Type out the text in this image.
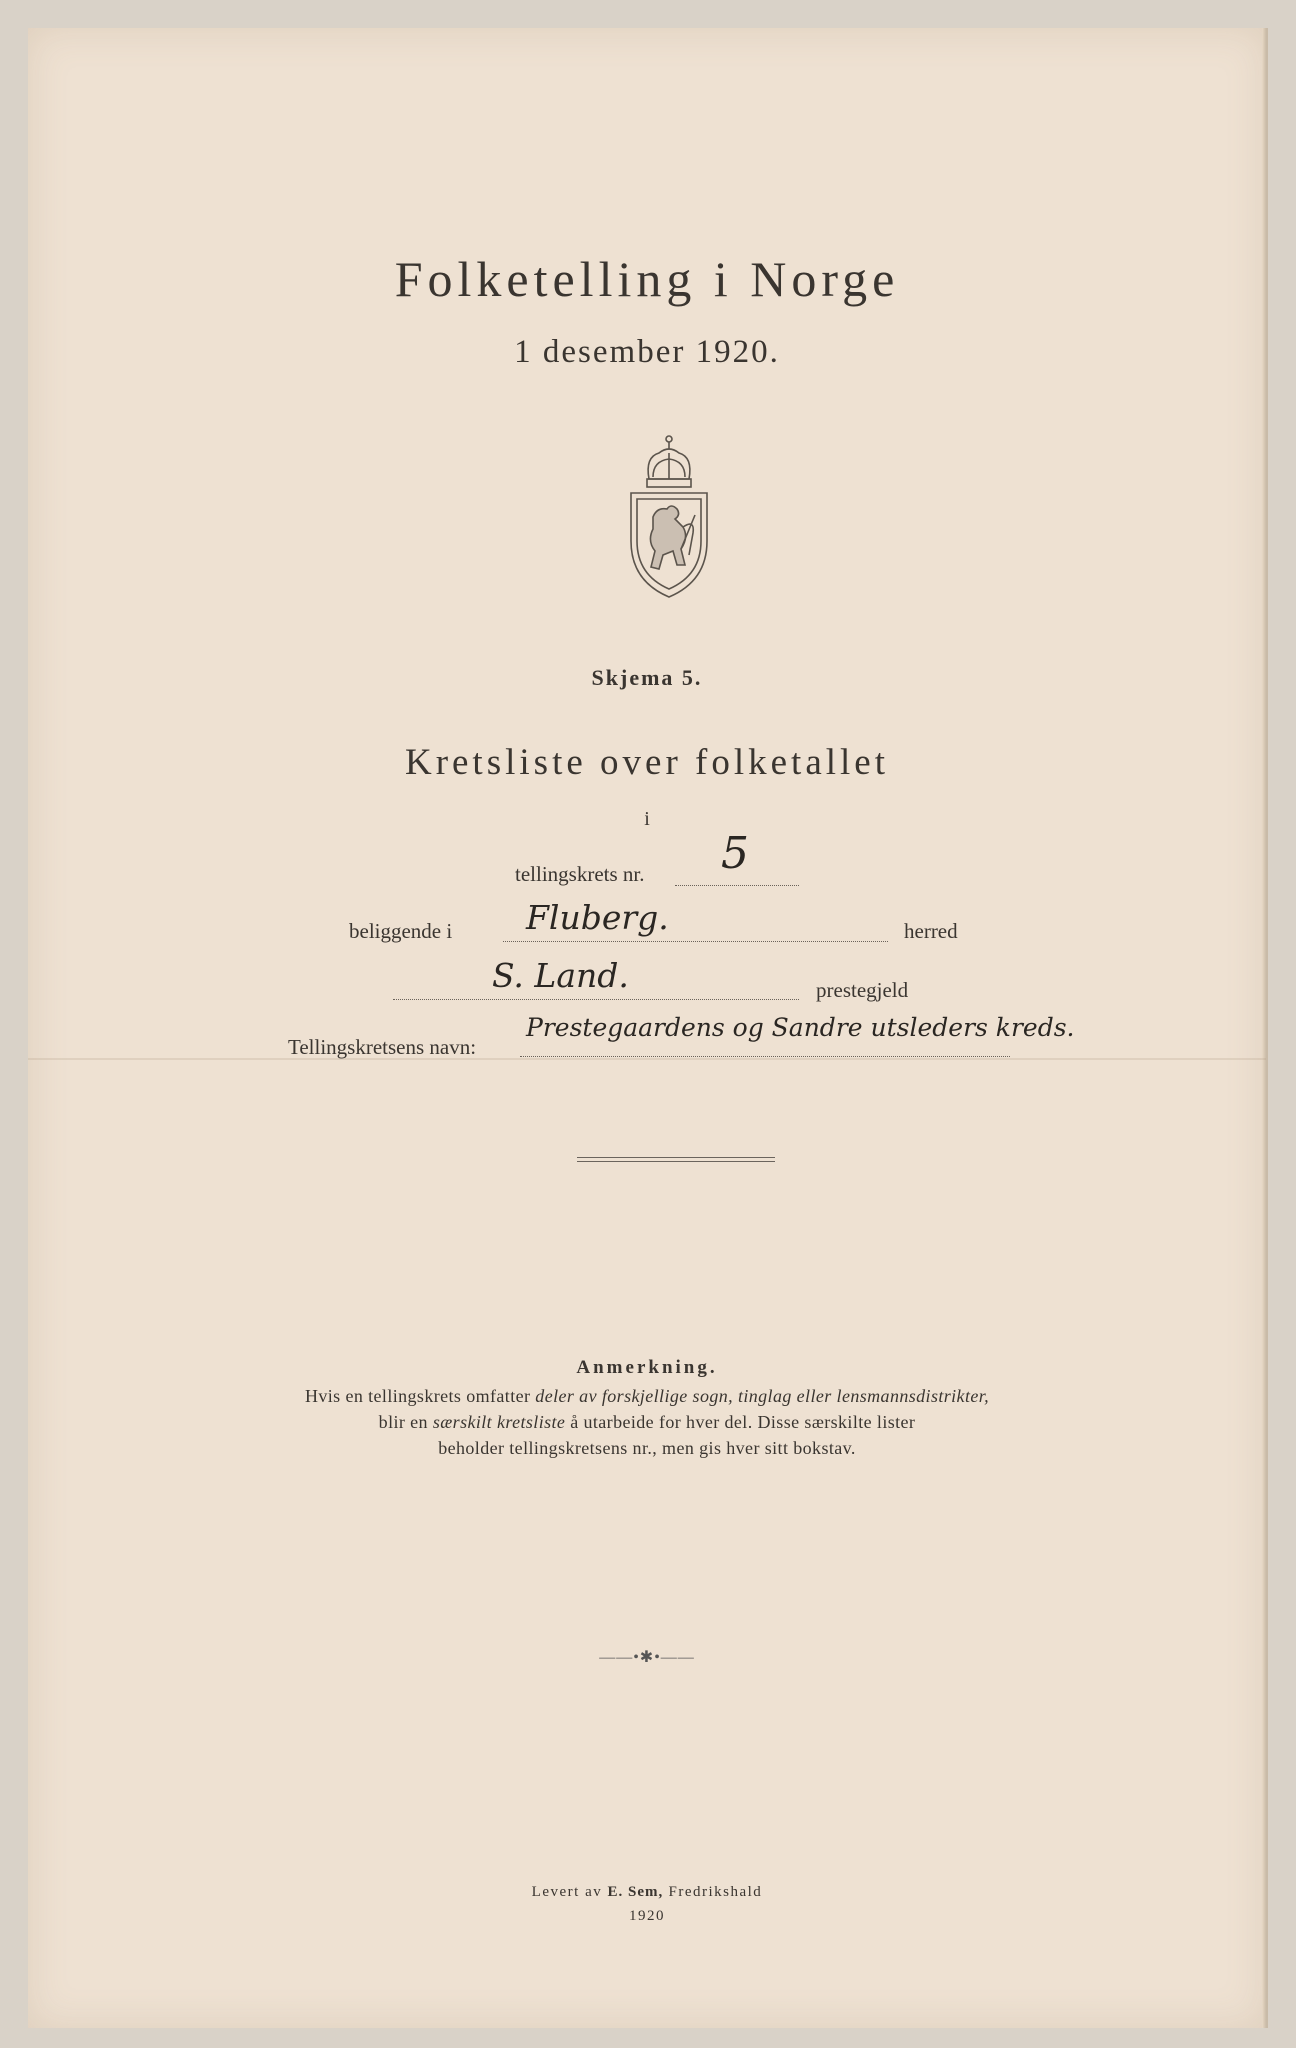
Folketelling i Norge
1 desember 1920.
Skjema 5.
Kretsliste over folketallet
i
tellingskrets nr. 5
beliggende i Fluberg.	herred
S. Land.	prestegjeld
Tellingskretsens navn:
Prestegaardens og Sandre utsleders kreds.
Anmerkning.
Hvis en tellingskrets omfatter deler av forskjellige sogn, tinglag eller lensmannsdistrikter,
blir en særskilt kretsliste å utarbeide for hver del. Disse særskilte lister
beholder tellingskretsens nr., men gis hver sitt bokstav.
——•✱•——
Levert av E. Sem, Fredrikshald
1920
